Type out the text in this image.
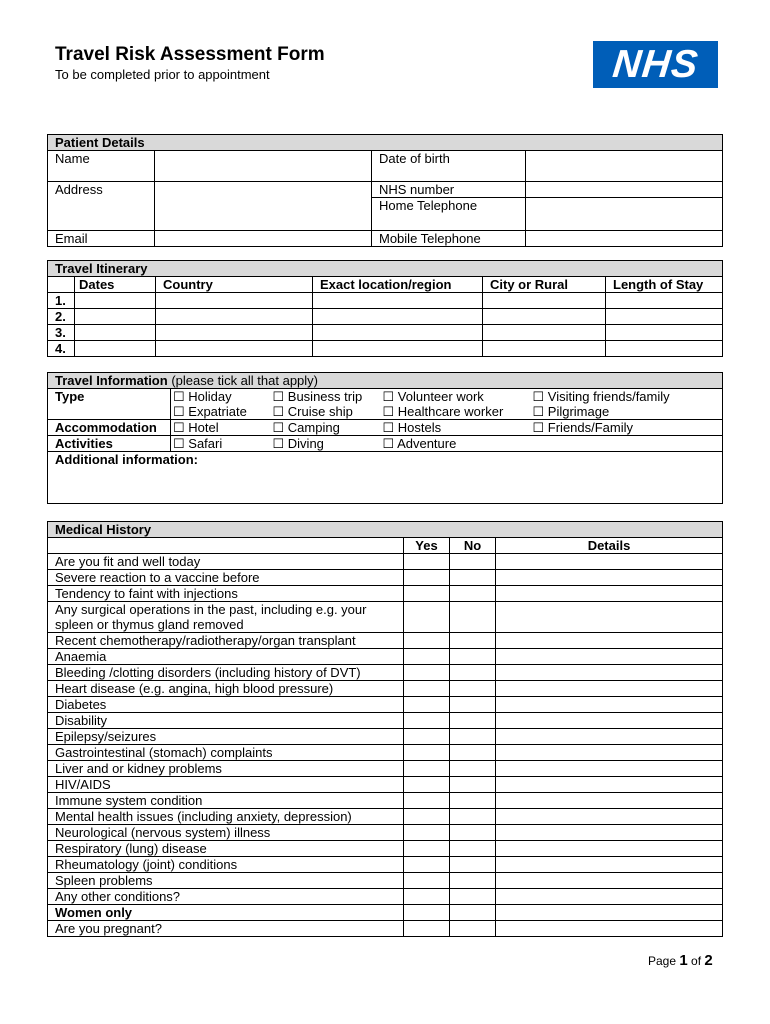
Travel Risk Assessment Form
To be completed prior to appointment	NHS
Patient Details			
Name		Date of birth	
Address		NHS number	
		Home Telephone	
Email		Mobile Telephone	
Travel Itinerary					
	Dates	Country	Exact location/region	City or Rural	Length of Stay
1.					
2.					
3.					
4.					
Travel Information (please tick all that apply)				
Type	☐ Holiday	☐ Business trip	☐ Volunteer work	☐ Visiting friends/family
	☐ Expatriate	☐ Cruise ship	☐ Healthcare worker	☐ Pilgrimage
Accommodation	☐ Hotel	☐ Camping	☐ Hostels	☐ Friends/Family
Activities	☐ Safari	☐ Diving	☐ Adventure	
Additional information:				
Medical History			
	Yes	No	Details
Are you fit and well today			
Severe reaction to a vaccine before			
Tendency to faint with injections			
Any surgical operations in the past, including e.g. your spleen or thymus gland removed			
Recent chemotherapy/radiotherapy/organ transplant			
Anaemia			
Bleeding /clotting disorders (including history of DVT)			
Heart disease (e.g. angina, high blood pressure)			
Diabetes			
Disability			
Epilepsy/seizures			
Gastrointestinal (stomach) complaints			
Liver and or kidney problems			
HIV/AIDS			
Immune system condition			
Mental health issues (including anxiety, depression)			
Neurological (nervous system) illness			
Respiratory (lung) disease			
Rheumatology (joint) conditions			
Spleen problems			
Any other conditions?			
Women only			
Are you pregnant?			
Page 1 of 2
